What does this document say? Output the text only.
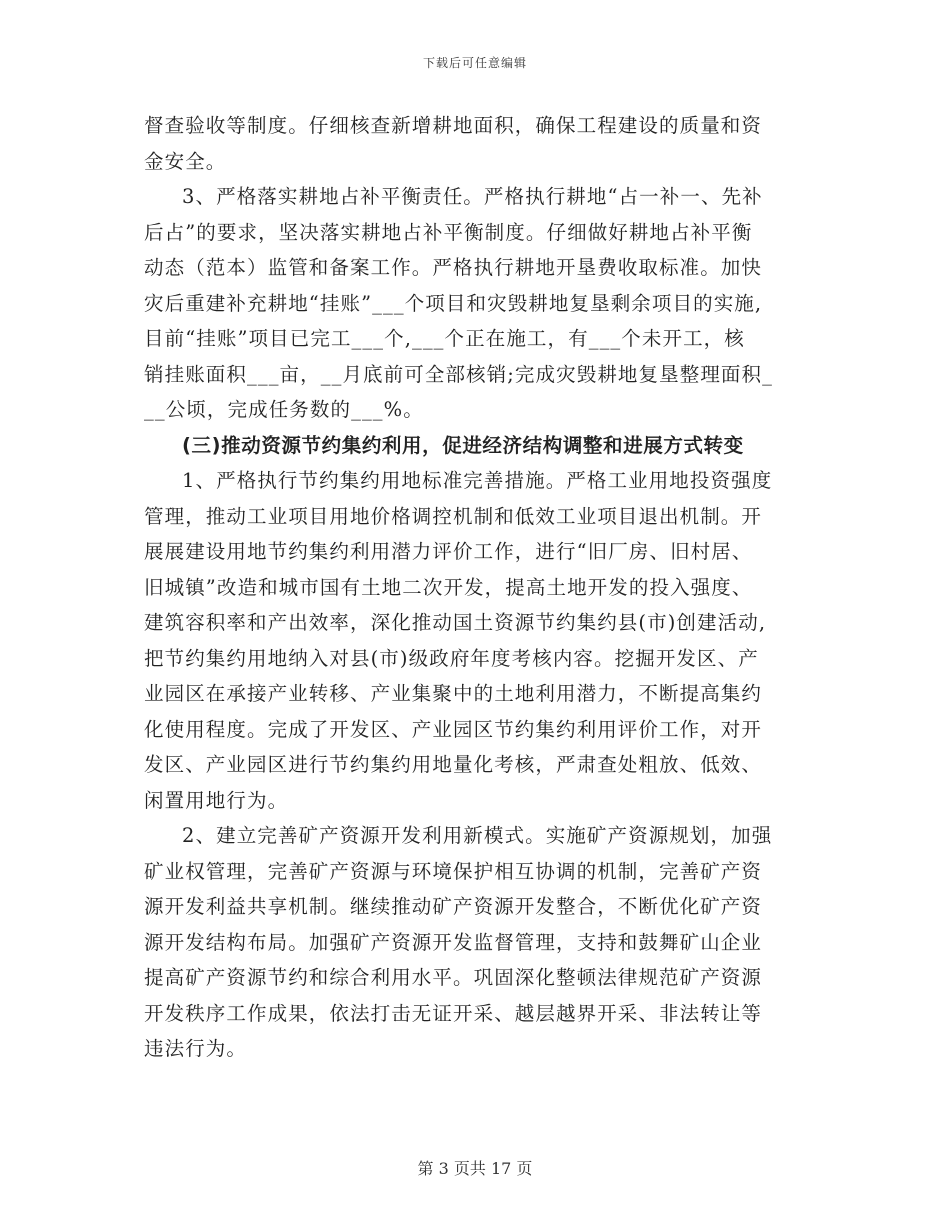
下载后可任意编辑
督查验收等制度。仔细核查新增耕地面积，确保工程建设的质量和资
金安全。
3、严格落实耕地占补平衡责任。严格执行耕地“占一补一、先补
后占”的要求，坚决落实耕地占补平衡制度。仔细做好耕地占补平衡
动态（范本）监管和备案工作。严格执行耕地开垦费收取标准。加快
灾后重建补充耕地“挂账”___个项目和灾毁耕地复垦剩余项目的实施,
目前“挂账”项目已完工___个,___个正在施工，有___个未开工，核
销挂账面积___亩，__月底前可全部核销;完成灾毁耕地复垦整理面积_
__公顷，完成任务数的___%。
(三)推动资源节约集约利用，促进经济结构调整和进展方式转变
1、严格执行节约集约用地标准完善措施。严格工业用地投资强度
管理，推动工业项目用地价格调控机制和低效工业项目退出机制。开
展展建设用地节约集约利用潜力评价工作，进行“旧厂房、旧村居、
旧城镇”改造和城市国有土地二次开发，提高土地开发的投入强度、
建筑容积率和产出效率，深化推动国土资源节约集约县(市)创建活动,
把节约集约用地纳入对县(市)级政府年度考核内容。挖掘开发区、产
业园区在承接产业转移、产业集聚中的土地利用潜力，不断提高集约
化使用程度。完成了开发区、产业园区节约集约利用评价工作，对开
发区、产业园区进行节约集约用地量化考核，严肃查处粗放、低效、
闲置用地行为。
2、建立完善矿产资源开发利用新模式。实施矿产资源规划，加强
矿业权管理，完善矿产资源与环境保护相互协调的机制，完善矿产资
源开发利益共享机制。继续推动矿产资源开发整合，不断优化矿产资
源开发结构布局。加强矿产资源开发监督管理，支持和鼓舞矿山企业
提高矿产资源节约和综合利用水平。巩固深化整顿法律规范矿产资源
开发秩序工作成果，依法打击无证开采、越层越界开采、非法转让等
违法行为。
第 3 页共 17 页
